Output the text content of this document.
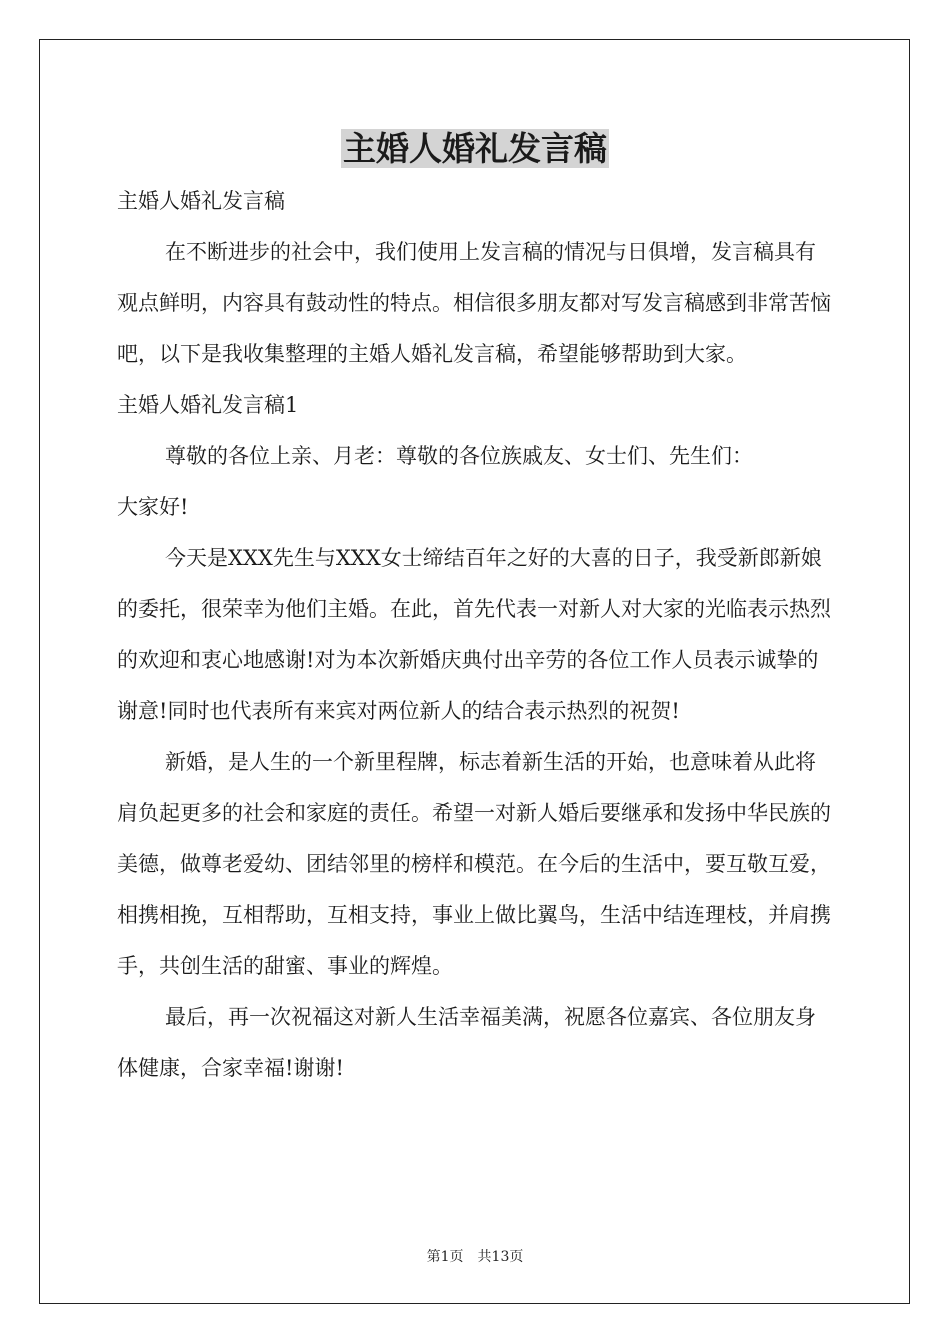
主婚人婚礼发言稿

主婚人婚礼发言稿

在不断进步的社会中，我们使用上发言稿的情况与日俱增，发言稿具有观点鲜明，内容具有鼓动性的特点。相信很多朋友都对写发言稿感到非常苦恼吧，以下是我收集整理的主婚人婚礼发言稿，希望能够帮助到大家。

主婚人婚礼发言稿1

尊敬的各位上亲、月老：尊敬的各位族戚友、女士们、先生们：

大家好!

今天是XXX先生与XXX女士缔结百年之好的大喜的日子，我受新郎新娘的委托，很荣幸为他们主婚。在此，首先代表一对新人对大家的光临表示热烈的欢迎和衷心地感谢!对为本次新婚庆典付出辛劳的各位工作人员表示诚挚的谢意!同时也代表所有来宾对两位新人的结合表示热烈的祝贺!

新婚，是人生的一个新里程牌，标志着新生活的开始，也意味着从此将肩负起更多的社会和家庭的责任。希望一对新人婚后要继承和发扬中华民族的美德，做尊老爱幼、团结邻里的榜样和模范。在今后的生活中，要互敬互爱，相携相挽，互相帮助，互相支持，事业上做比翼鸟，生活中结连理枝，并肩携手，共创生活的甜蜜、事业的辉煌。

最后，再一次祝福这对新人生活幸福美满，祝愿各位嘉宾、各位朋友身体健康，合家幸福!谢谢!

第1页 共13页
